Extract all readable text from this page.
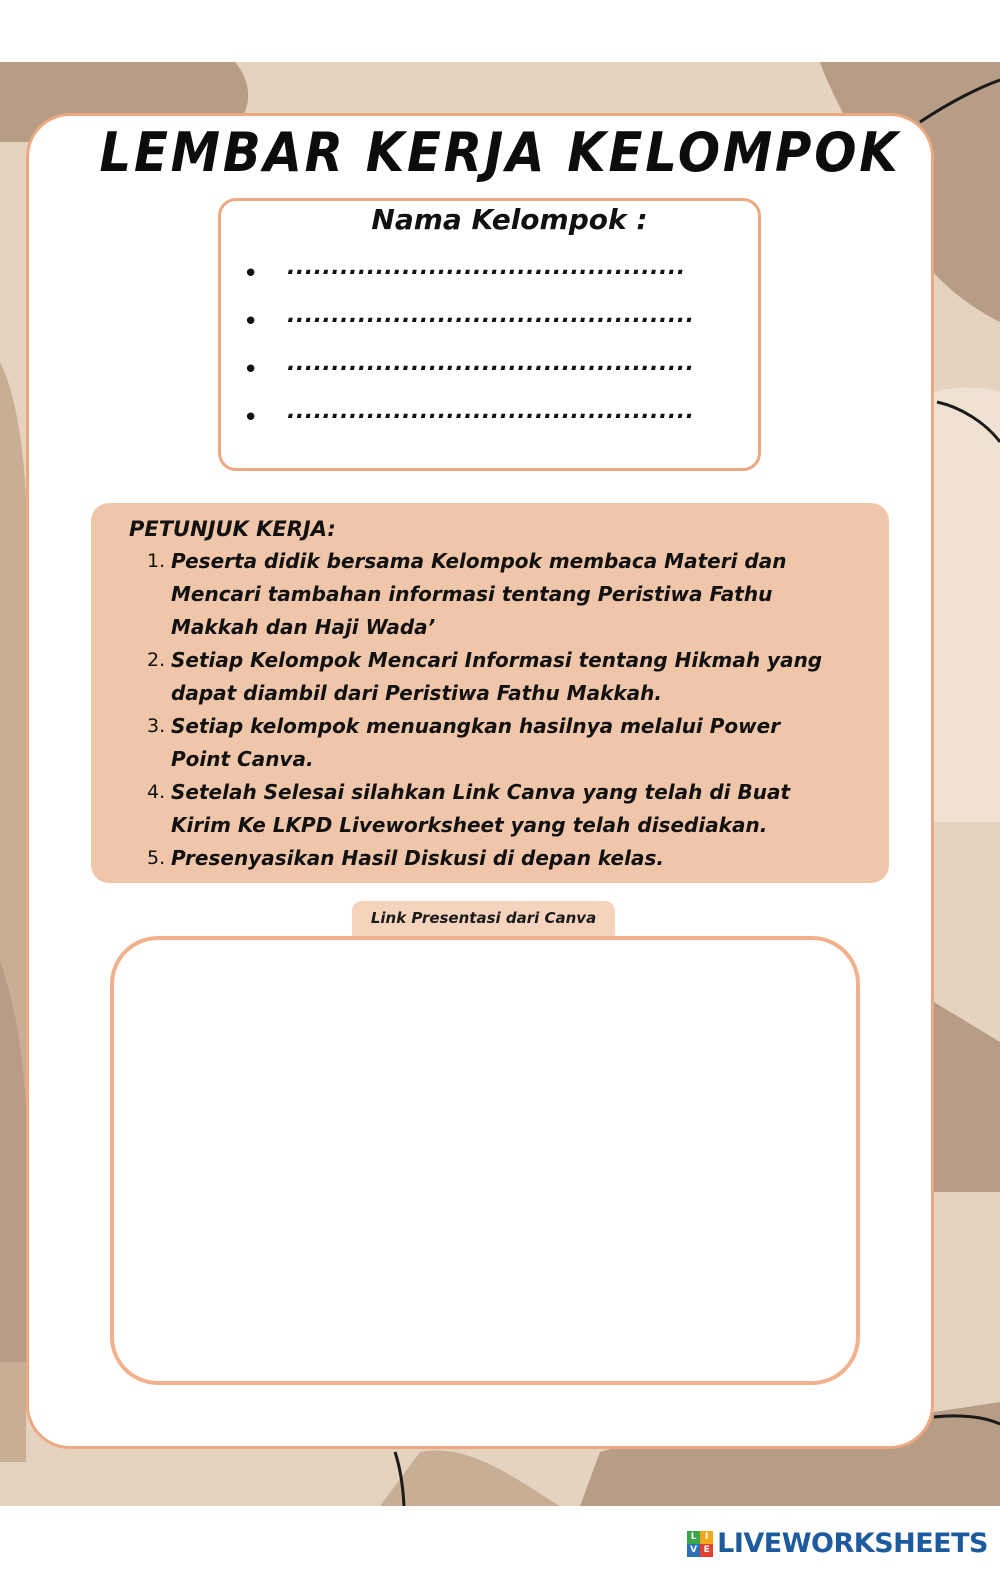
LEMBAR KERJA KELOMPOK
Nama Kelompok :
• .............................................
• ..............................................
• ..............................................
• ..............................................
PETUNJUK KERJA:
1. Peserta didik bersama Kelompok membaca Materi dan Mencari tambahan informasi tentang Peristiwa Fathu Makkah dan Haji Wada’
2. Setiap Kelompok Mencari Informasi tentang Hikmah yang dapat diambil dari Peristiwa Fathu Makkah.
3. Setiap kelompok menuangkan hasilnya melalui Power Point Canva.
4. Setelah Selesai silahkan Link Canva yang telah di Buat Kirim Ke LKPD Liveworksheet yang telah disediakan.
5. Presenyasikan Hasil Diskusi di depan kelas.
Link Presentasi dari Canva
L I
V E LIVEWORKSHEETS
